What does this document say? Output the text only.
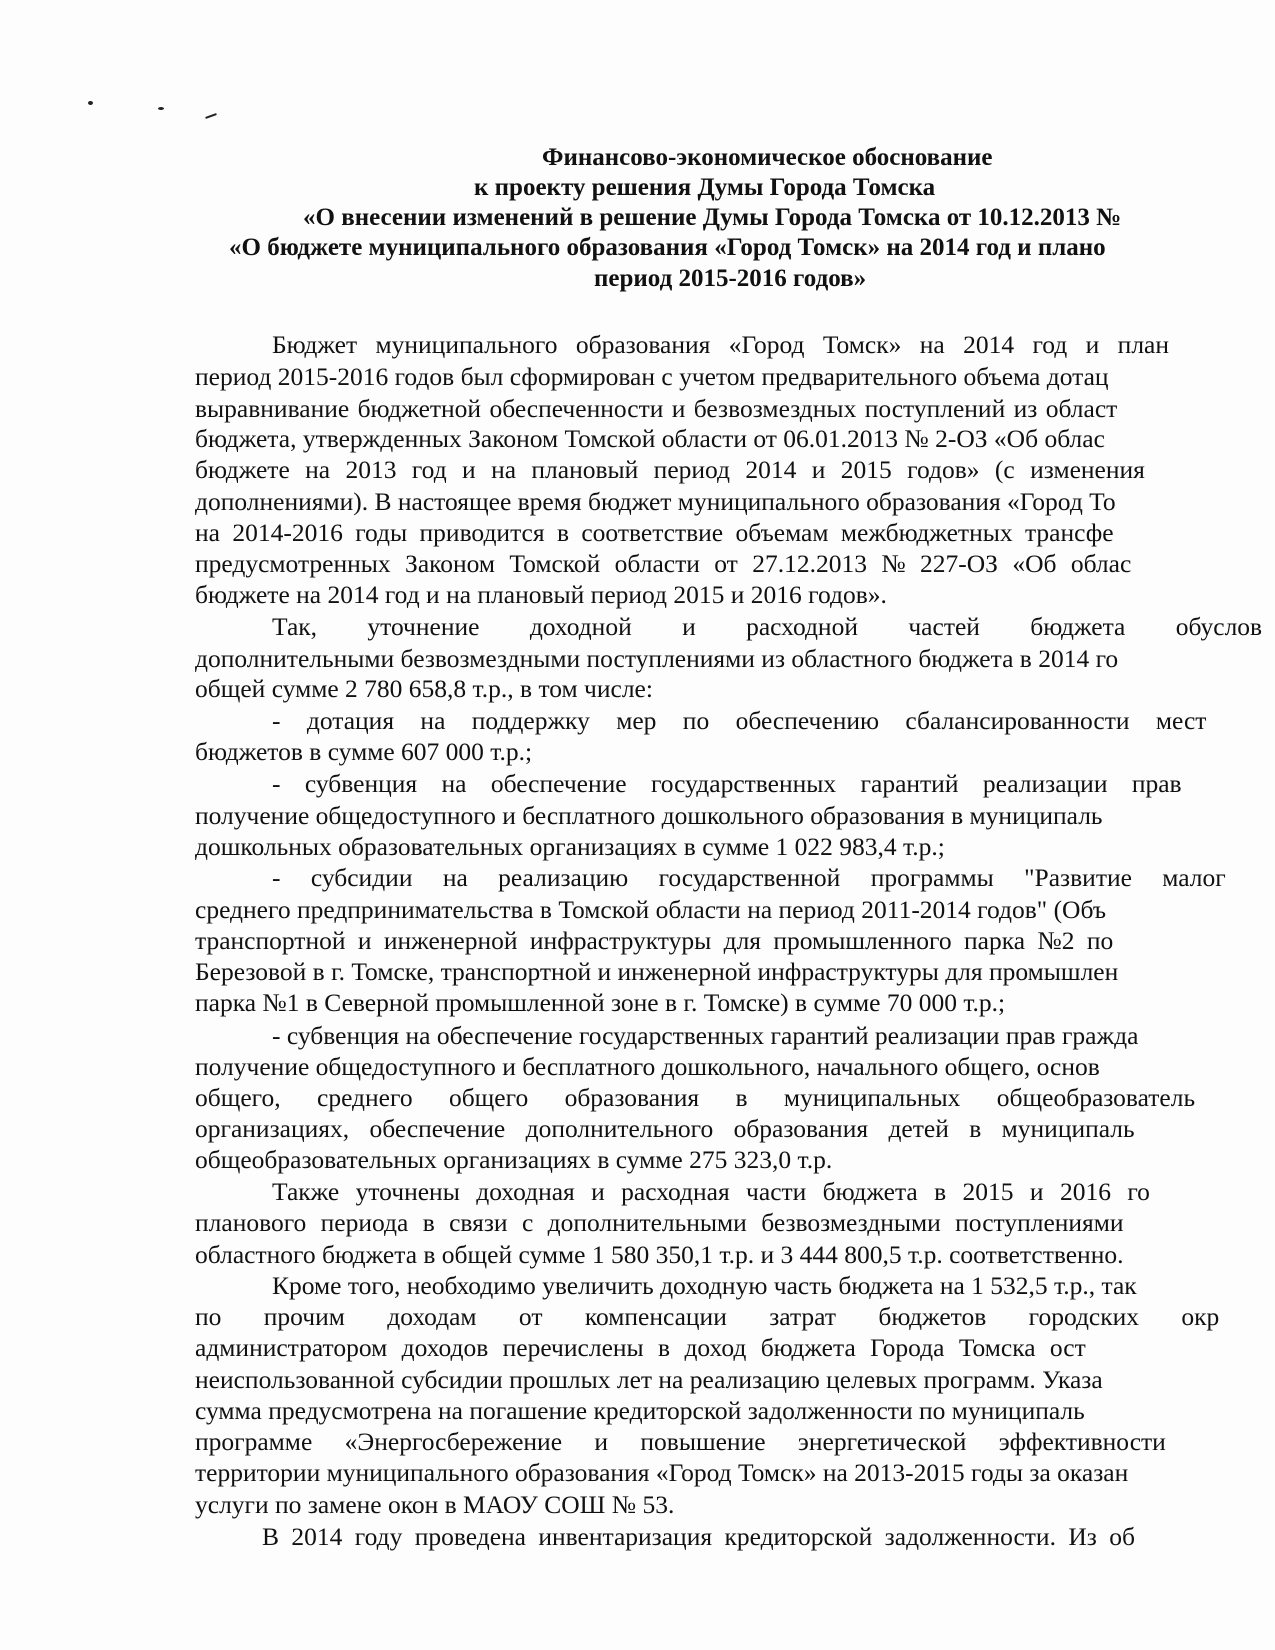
Финансово-экономическое обоснование
к проекту решения Думы Города Томска
«О внесении изменений в решение Думы Города Томска от 10.12.2013 №
«О бюджете муниципального образования «Город Томск» на 2014 год и плано
период 2015-2016 годов»
Бюджет муниципального образования «Город Томск» на 2014 год и план
период 2015-2016 годов был сформирован с учетом предварительного объема дотац
выравнивание бюджетной обеспеченности и безвозмездных поступлений из област
бюджета, утвержденных Законом Томской области от 06.01.2013 № 2-ОЗ «Об облас
бюджете на 2013 год и на плановый период 2014 и 2015 годов» (с изменения
дополнениями). В настоящее время бюджет муниципального образования «Город То
на 2014-2016 годы приводится в соответствие объемам межбюджетных трансфе
предусмотренных Законом Томской области от 27.12.2013 № 227-ОЗ «Об облас
бюджете на 2014 год и на плановый период 2015 и 2016 годов».
Так, уточнение доходной и расходной частей бюджета обуслов
дополнительными безвозмездными поступлениями из областного бюджета в 2014 го
общей сумме 2 780 658,8 т.р., в том числе:
- дотация на поддержку мер по обеспечению сбалансированности мест
бюджетов в сумме 607 000 т.р.;
- субвенция на обеспечение государственных гарантий реализации прав
получение общедоступного и бесплатного дошкольного образования в муниципаль
дошкольных образовательных организациях в сумме 1 022 983,4 т.р.;
- субсидии на реализацию государственной программы "Развитие малог
среднего предпринимательства в Томской области на период 2011-2014 годов" (Объ
транспортной и инженерной инфраструктуры для промышленного парка №2 по
Березовой в г. Томске, транспортной и инженерной инфраструктуры для промышлен
парка №1 в Северной промышленной зоне в г. Томске) в сумме 70 000 т.р.;
- субвенция на обеспечение государственных гарантий реализации прав гражда
получение общедоступного и бесплатного дошкольного, начального общего, основ
общего, среднего общего образования в муниципальных общеобразователь
организациях, обеспечение дополнительного образования детей в муниципаль
общеобразовательных организациях в сумме 275 323,0 т.р.
Также уточнены доходная и расходная части бюджета в 2015 и 2016 го
планового периода в связи с дополнительными безвозмездными поступлениями
областного бюджета в общей сумме 1 580 350,1 т.р. и 3 444 800,5 т.р. соответственно.
Кроме того, необходимо увеличить доходную часть бюджета на 1 532,5 т.р., так
по прочим доходам от компенсации затрат бюджетов городских окр
администратором доходов перечислены в доход бюджета Города Томска ост
неиспользованной субсидии прошлых лет на реализацию целевых программ. Указа
сумма предусмотрена на погашение кредиторской задолженности по муниципаль
программе «Энергосбережение и повышение энергетической эффективности
территории муниципального образования «Город Томск» на 2013-2015 годы за оказан
услуги по замене окон в МАОУ СОШ № 53.
В 2014 году проведена инвентаризация кредиторской задолженности. Из об
